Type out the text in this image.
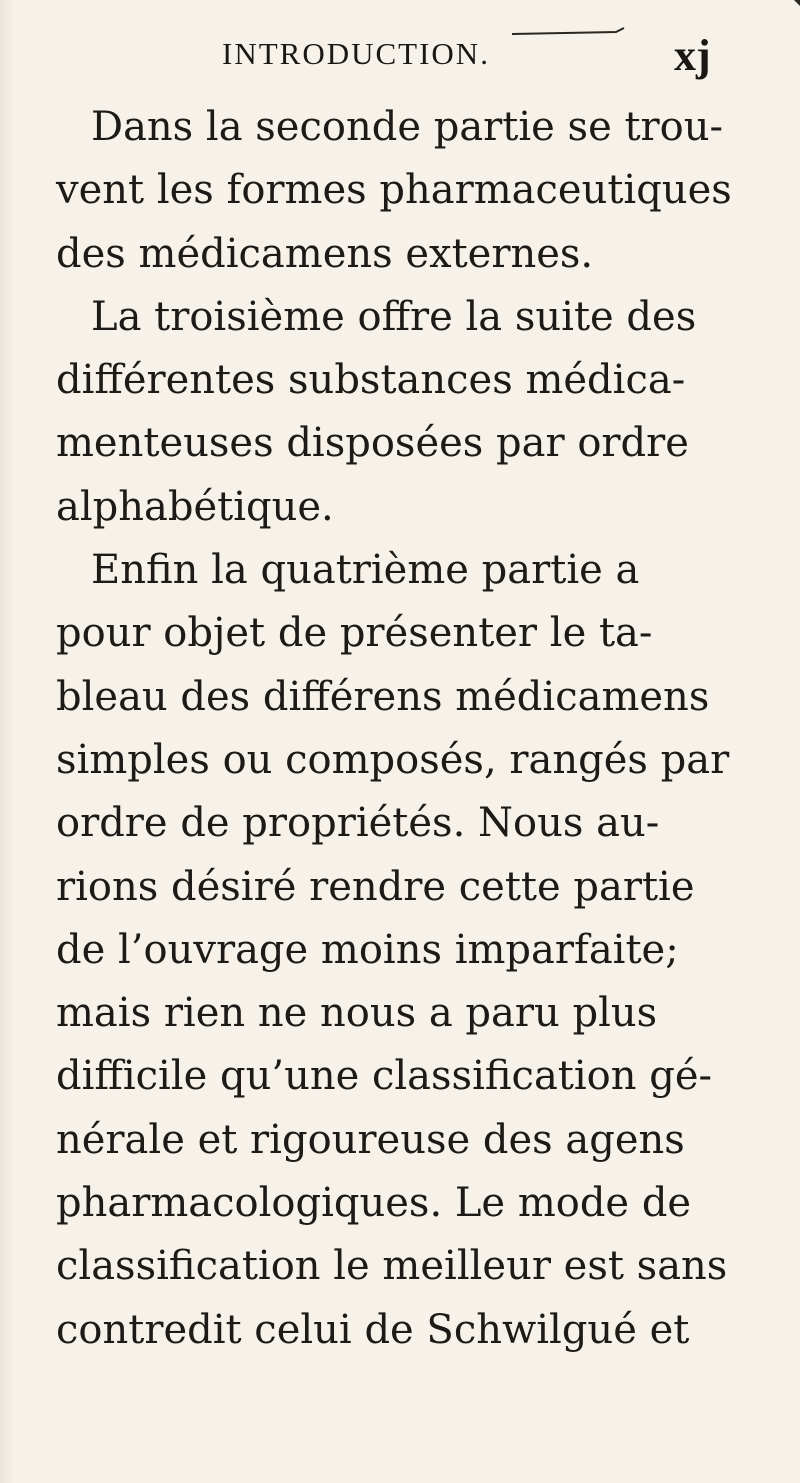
INTRODUCTION.	xj
Dans la seconde partie se trou-
vent les formes pharmaceutiques
des médicamens externes.
La troisième offre la suite des
différentes substances médica-
menteuses disposées par ordre
alphabétique.
Enfin la quatrième partie a
pour objet de présenter le ta-
bleau des différens médicamens
simples ou composés, rangés par
ordre de propriétés. Nous au-
rions désiré rendre cette partie
de l’ouvrage moins imparfaite;
mais rien ne nous a paru plus
difficile qu’une classification gé-
nérale et rigoureuse des agens
pharmacologiques. Le mode de
classification le meilleur est sans
contredit celui de Schwilgué et
